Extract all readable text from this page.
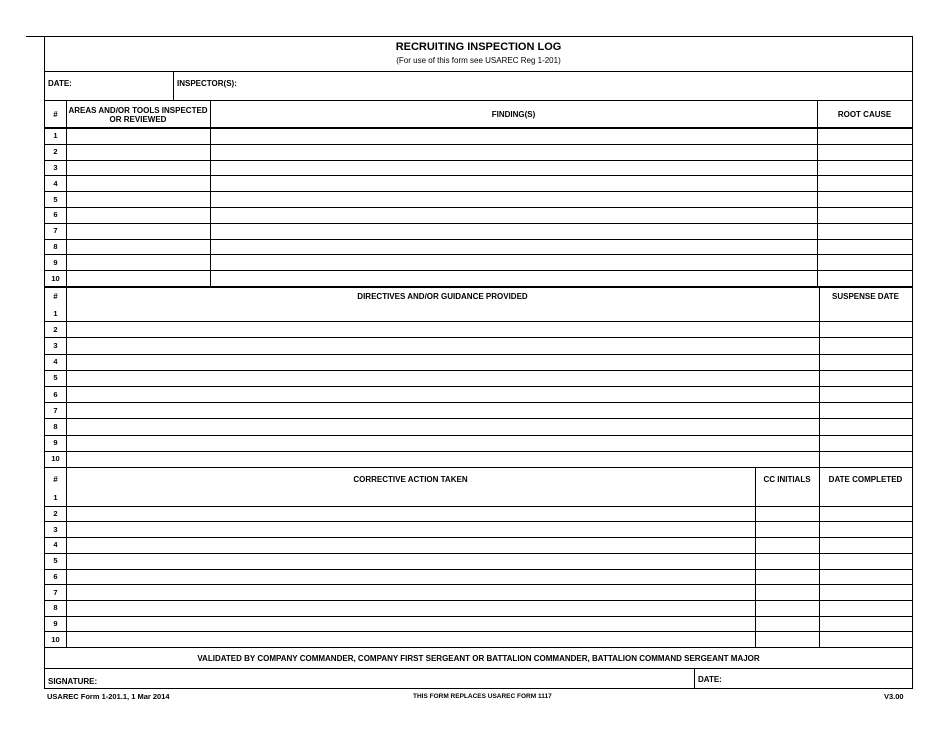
RECRUITING INSPECTION LOG
(For use of this form see USAREC Reg 1-201)
DATE:	INSPECTOR(S):
#	AREAS AND/OR TOOLS INSPECTED OR REVIEWED	FINDING(S)	ROOT CAUSE
1
2
3
4
5
6
7
8
9
10
#	DIRECTIVES AND/OR GUIDANCE PROVIDED	SUSPENSE DATE
1
2
3
4
5
6
7
8
9
10
#	CORRECTIVE ACTION TAKEN	CC INITIALS	DATE COMPLETED
1
2
3
4
5
6
7
8
9
10
VALIDATED BY COMPANY COMMANDER, COMPANY FIRST SERGEANT OR BATTALION COMMANDER, BATTALION COMMAND SERGEANT MAJOR
SIGNATURE:	DATE:
USAREC Form 1-201.1, 1 Mar 2014	THIS FORM REPLACES USAREC FORM 1117	V3.00
